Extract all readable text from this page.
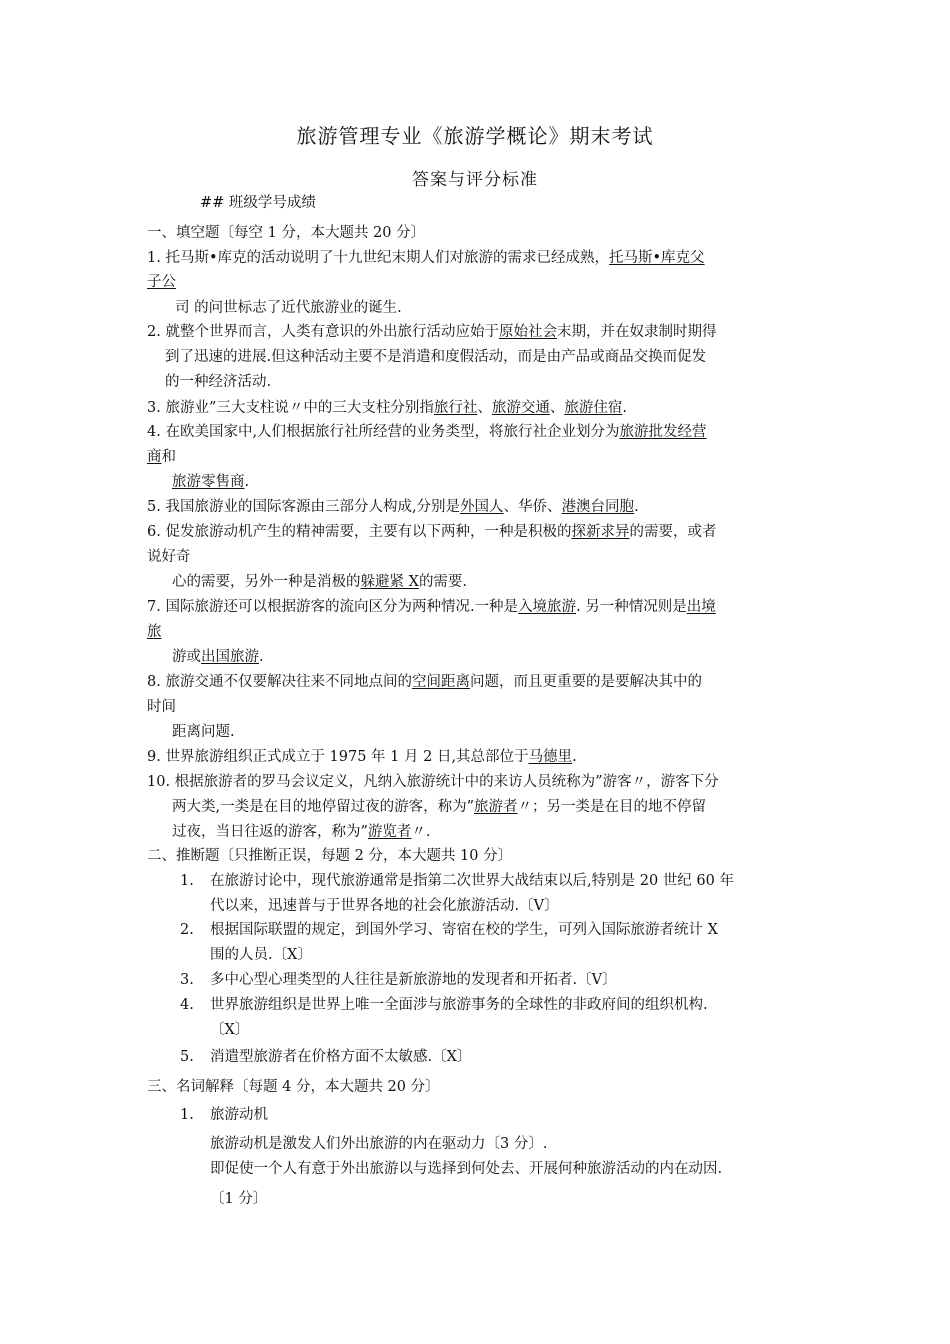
旅游管理专业《旅游学概论》期末考试
答案与评分标准
## 班级学号成绩
一、填空题〔每空 1 分，本大题共 20 分〕
1. 托马斯•库克的活动说明了十九世纪末期人们对旅游的需求已经成熟，托马斯•库克父
子公
司 的问世标志了近代旅游业的诞生.
2. 就整个世界而言，人类有意识的外出旅行活动应始于原始社会末期，并在奴隶制时期得
到了迅速的进展.但这种活动主要不是消遣和度假活动，而是由产品或商品交换而促发
的一种经济活动.
3. 旅游业”三大支柱说〃中的三大支柱分别指旅行社、旅游交通、旅游住宿.
4. 在欧美国家中,人们根据旅行社所经营的业务类型，将旅行社企业划分为旅游批发经营
商和
旅游零售商.
5. 我国旅游业的国际客源由三部分人构成,分别是外国人、华侨、港澳台同胞.
6. 促发旅游动机产生的精神需要，主要有以下两种，一种是积极的探新求异的需要，或者
说好奇
心的需要，另外一种是消极的躲避紧 X的需要.
7. 国际旅游还可以根据游客的流向区分为两种情况.一种是入境旅游. 另一种情况则是出境
旅
游或出国旅游.
8. 旅游交通不仅要解决往来不同地点间的空间距离问题，而且更重要的是要解决其中的
时间
距离问题.
9. 世界旅游组织正式成立于 1975 年 1 月 2 日,其总部位于马德里.
10. 根据旅游者的罗马会议定义，凡纳入旅游统计中的来访人员统称为”游客〃，游客下分
两大类,一类是在目的地停留过夜的游客，称为”旅游者〃；另一类是在目的地不停留
过夜，当日往返的游客，称为”游览者〃.
二、推断题〔只推断正误，每题 2 分，本大题共 10 分〕
1. 在旅游讨论中，现代旅游通常是指第二次世界大战结束以后,特别是 20 世纪 60 年
代以来，迅速普与于世界各地的社会化旅游活动.〔V〕
2. 根据国际联盟的规定，到国外学习、寄宿在校的学生，可列入国际旅游者统计 X
围的人员.〔X〕
3. 多中心型心理类型的人往往是新旅游地的发现者和开拓者.〔V〕
4. 世界旅游组织是世界上唯一全面涉与旅游事务的全球性的非政府间的组织机构.
〔X〕
5. 消遣型旅游者在价格方面不太敏感.〔X〕
三、名词解释〔每题 4 分，本大题共 20 分〕
1. 旅游动机
旅游动机是激发人们外出旅游的内在驱动力〔3 分〕.
即促使一个人有意于外出旅游以与选择到何处去、开展何种旅游活动的内在动因.
〔1 分〕
